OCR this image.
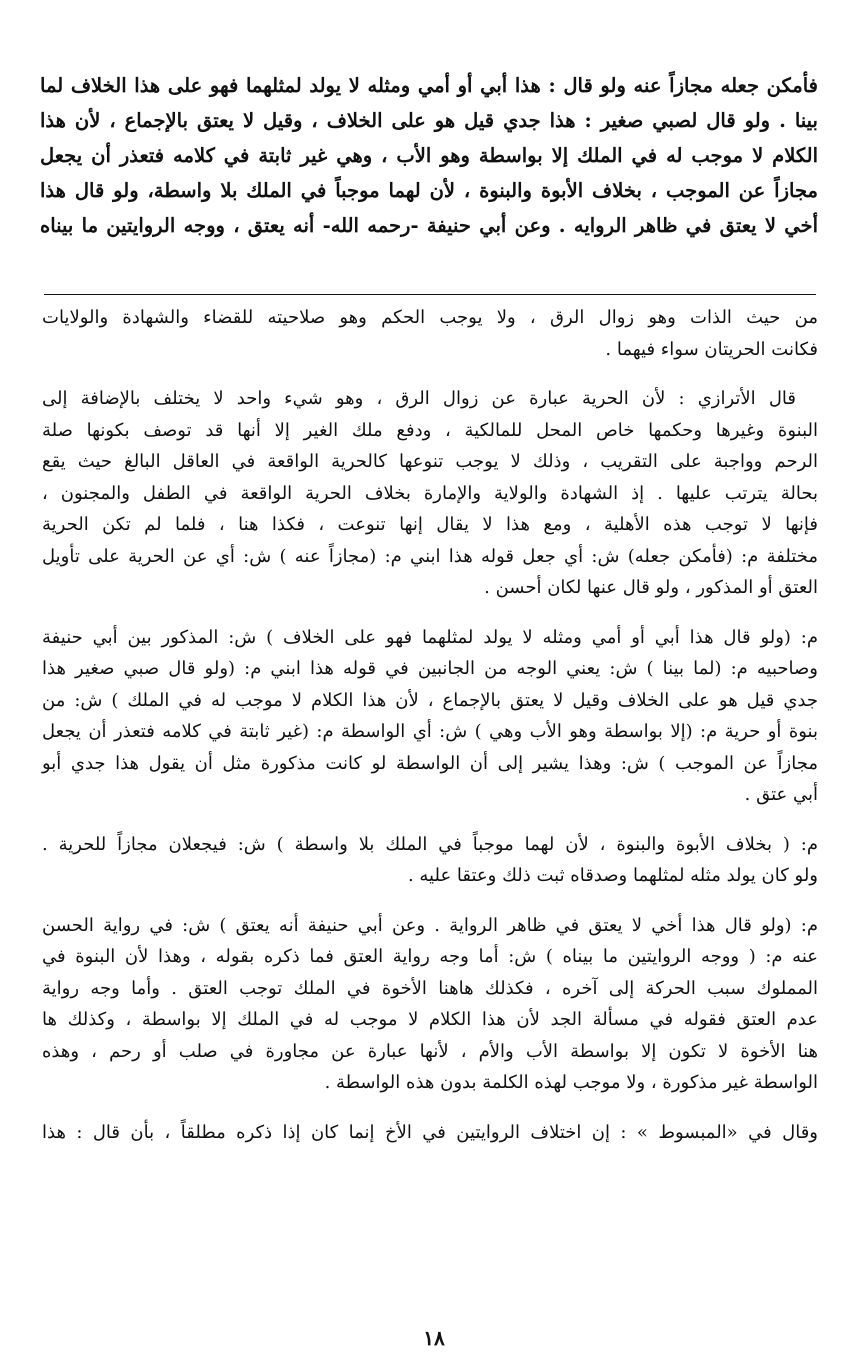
فأمكن جعله مجازاً عنه ولو قال : هذا أبي أو أمي ومثله لا يولد لمثلهما فهو على هذا الخلاف لما
بينا . ولو قال لصبي صغير : هذا جدي قيل هو على الخلاف ، وقيل لا يعتق بالإجماع ، لأن هذا
الكلام لا موجب له في الملك إلا بواسطة وهو الأب ، وهي غير ثابتة في كلامه فتعذر أن يجعل
مجازاً عن الموجب ، بخلاف الأبوة والبنوة ، لأن لهما موجباً في الملك بلا واسطة، ولو قال هذا
أخي لا يعتق في ظاهر الروايه . وعن أبي حنيفة -رحمه الله- أنه يعتق ، ووجه الروايتين ما بيناه
من حيث الذات وهو زوال الرق ، ولا يوجب الحكم وهو صلاحيته للقضاء والشهادة والولايات
فكانت الحريتان سواء فيهما .
قال الأترازي : لأن الحرية عبارة عن زوال الرق ، وهو شيء واحد لا يختلف بالإضافة إلى
البنوة وغيرها وحكمها خاص المحل للمالكية ، ودفع ملك الغير إلا أنها قد توصف بكونها صلة
الرحم وواجبة على التقريب ، وذلك لا يوجب تنوعها كالحرية الواقعة في العاقل البالغ حيث يقع
بحالة يترتب عليها . إذ الشهادة والولاية والإمارة بخلاف الحرية الواقعة في الطفل والمجنون ،
فإنها لا توجب هذه الأهلية ، ومع هذا لا يقال إنها تنوعت ، فكذا هنا ، فلما لم تكن الحرية
مختلفة م: (فأمكن جعله) ش: أي جعل قوله هذا ابني م: (مجازاً عنه ) ش: أي عن الحرية على تأويل
العتق أو المذكور ، ولو قال عنها لكان أحسن .
م: (ولو قال هذا أبي أو أمي ومثله لا يولد لمثلهما فهو على الخلاف ) ش: المذكور بين أبي حنيفة
وصاحبيه م: (لما بينا ) ش: يعني الوجه من الجانبين في قوله هذا ابني م: (ولو قال صبي صغير هذا
جدي قيل هو على الخلاف وقيل لا يعتق بالإجماع ، لأن هذا الكلام لا موجب له في الملك ) ش: من
بنوة أو حرية م: (إلا بواسطة وهو الأب وهي ) ش: أي الواسطة م: (غير ثابتة في كلامه فتعذر أن يجعل
مجازاً عن الموجب ) ش: وهذا يشير إلى أن الواسطة لو كانت مذكورة مثل أن يقول هذا جدي أبو
أبي عتق .
م: ( بخلاف الأبوة والبنوة ، لأن لهما موجباً في الملك بلا واسطة ) ش: فيجعلان مجازاً للحرية .
ولو كان يولد مثله لمثلهما وصدقاه ثبت ذلك وعتقا عليه .
م: (ولو قال هذا أخي لا يعتق في ظاهر الرواية . وعن أبي حنيفة أنه يعتق ) ش: في رواية الحسن
عنه م: ( ووجه الروايتين ما بيناه ) ش: أما وجه رواية العتق فما ذكره بقوله ، وهذا لأن البنوة في
المملوك سبب الحركة إلى آخره ، فكذلك هاهنا الأخوة في الملك توجب العتق . وأما وجه رواية
عدم العتق فقوله في مسألة الجد لأن هذا الكلام لا موجب له في الملك إلا بواسطة ، وكذلك ها
هنا الأخوة لا تكون إلا بواسطة الأب والأم ، لأنها عبارة عن مجاورة في صلب أو رحم ، وهذه
الواسطة غير مذكورة ، ولا موجب لهذه الكلمة بدون هذه الواسطة .
وقال في «المبسوط » : إن اختلاف الروايتين في الأخ إنما كان إذا ذكره مطلقاً ، بأن قال : هذا
١٨
